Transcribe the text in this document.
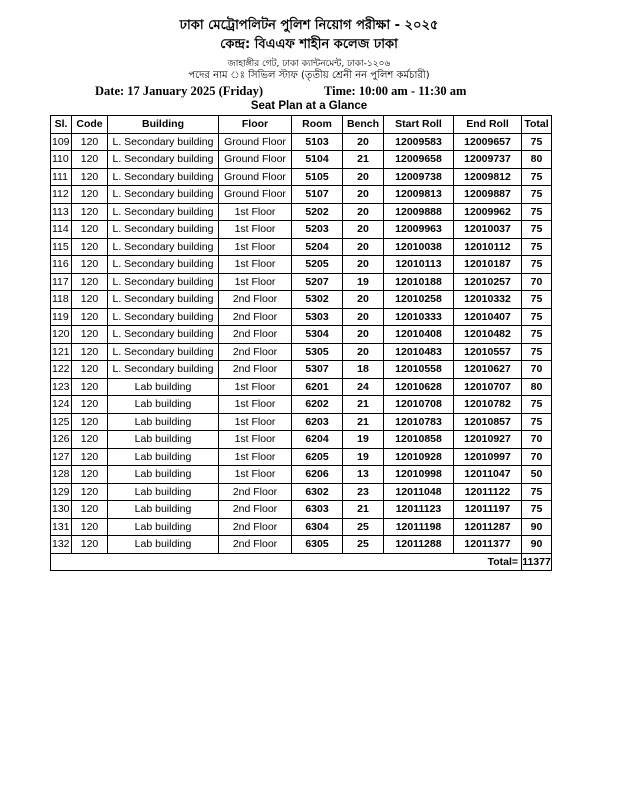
ঢাকা মেট্রোপলিটন পুলিশ নিয়োগ পরীক্ষা - ২০২৫
কেন্দ্র: বিএএফ শাহীন কলেজ ঢাকা
জাহাঙ্গীর গেট, ঢাকা ক্যান্টনমেন্ট, ঢাকা-১২০৬
পদের নাম ঃ সিভিল স্টাফ (তৃতীয় শ্রেনী নন পুলিশ কর্মচারী)
Date: 17 January 2025 (Friday)	Time: 10:00 am - 11:30 am
Seat Plan at a Glance
Sl.	Code	Building	Floor	Room	Bench	Start Roll	End Roll	Total
109	120	L. Secondary building	Ground Floor	5103	20	12009583	12009657	75
110	120	L. Secondary building	Ground Floor	5104	21	12009658	12009737	80
111	120	L. Secondary building	Ground Floor	5105	20	12009738	12009812	75
112	120	L. Secondary building	Ground Floor	5107	20	12009813	12009887	75
113	120	L. Secondary building	1st Floor	5202	20	12009888	12009962	75
114	120	L. Secondary building	1st Floor	5203	20	12009963	12010037	75
115	120	L. Secondary building	1st Floor	5204	20	12010038	12010112	75
116	120	L. Secondary building	1st Floor	5205	20	12010113	12010187	75
117	120	L. Secondary building	1st Floor	5207	19	12010188	12010257	70
118	120	L. Secondary building	2nd Floor	5302	20	12010258	12010332	75
119	120	L. Secondary building	2nd Floor	5303	20	12010333	12010407	75
120	120	L. Secondary building	2nd Floor	5304	20	12010408	12010482	75
121	120	L. Secondary building	2nd Floor	5305	20	12010483	12010557	75
122	120	L. Secondary building	2nd Floor	5307	18	12010558	12010627	70
123	120	Lab building	1st Floor	6201	24	12010628	12010707	80
124	120	Lab building	1st Floor	6202	21	12010708	12010782	75
125	120	Lab building	1st Floor	6203	21	12010783	12010857	75
126	120	Lab building	1st Floor	6204	19	12010858	12010927	70
127	120	Lab building	1st Floor	6205	19	12010928	12010997	70
128	120	Lab building	1st Floor	6206	13	12010998	12011047	50
129	120	Lab building	2nd Floor	6302	23	12011048	12011122	75
130	120	Lab building	2nd Floor	6303	21	12011123	12011197	75
131	120	Lab building	2nd Floor	6304	25	12011198	12011287	90
132	120	Lab building	2nd Floor	6305	25	12011288	12011377	90
Total=								11377
